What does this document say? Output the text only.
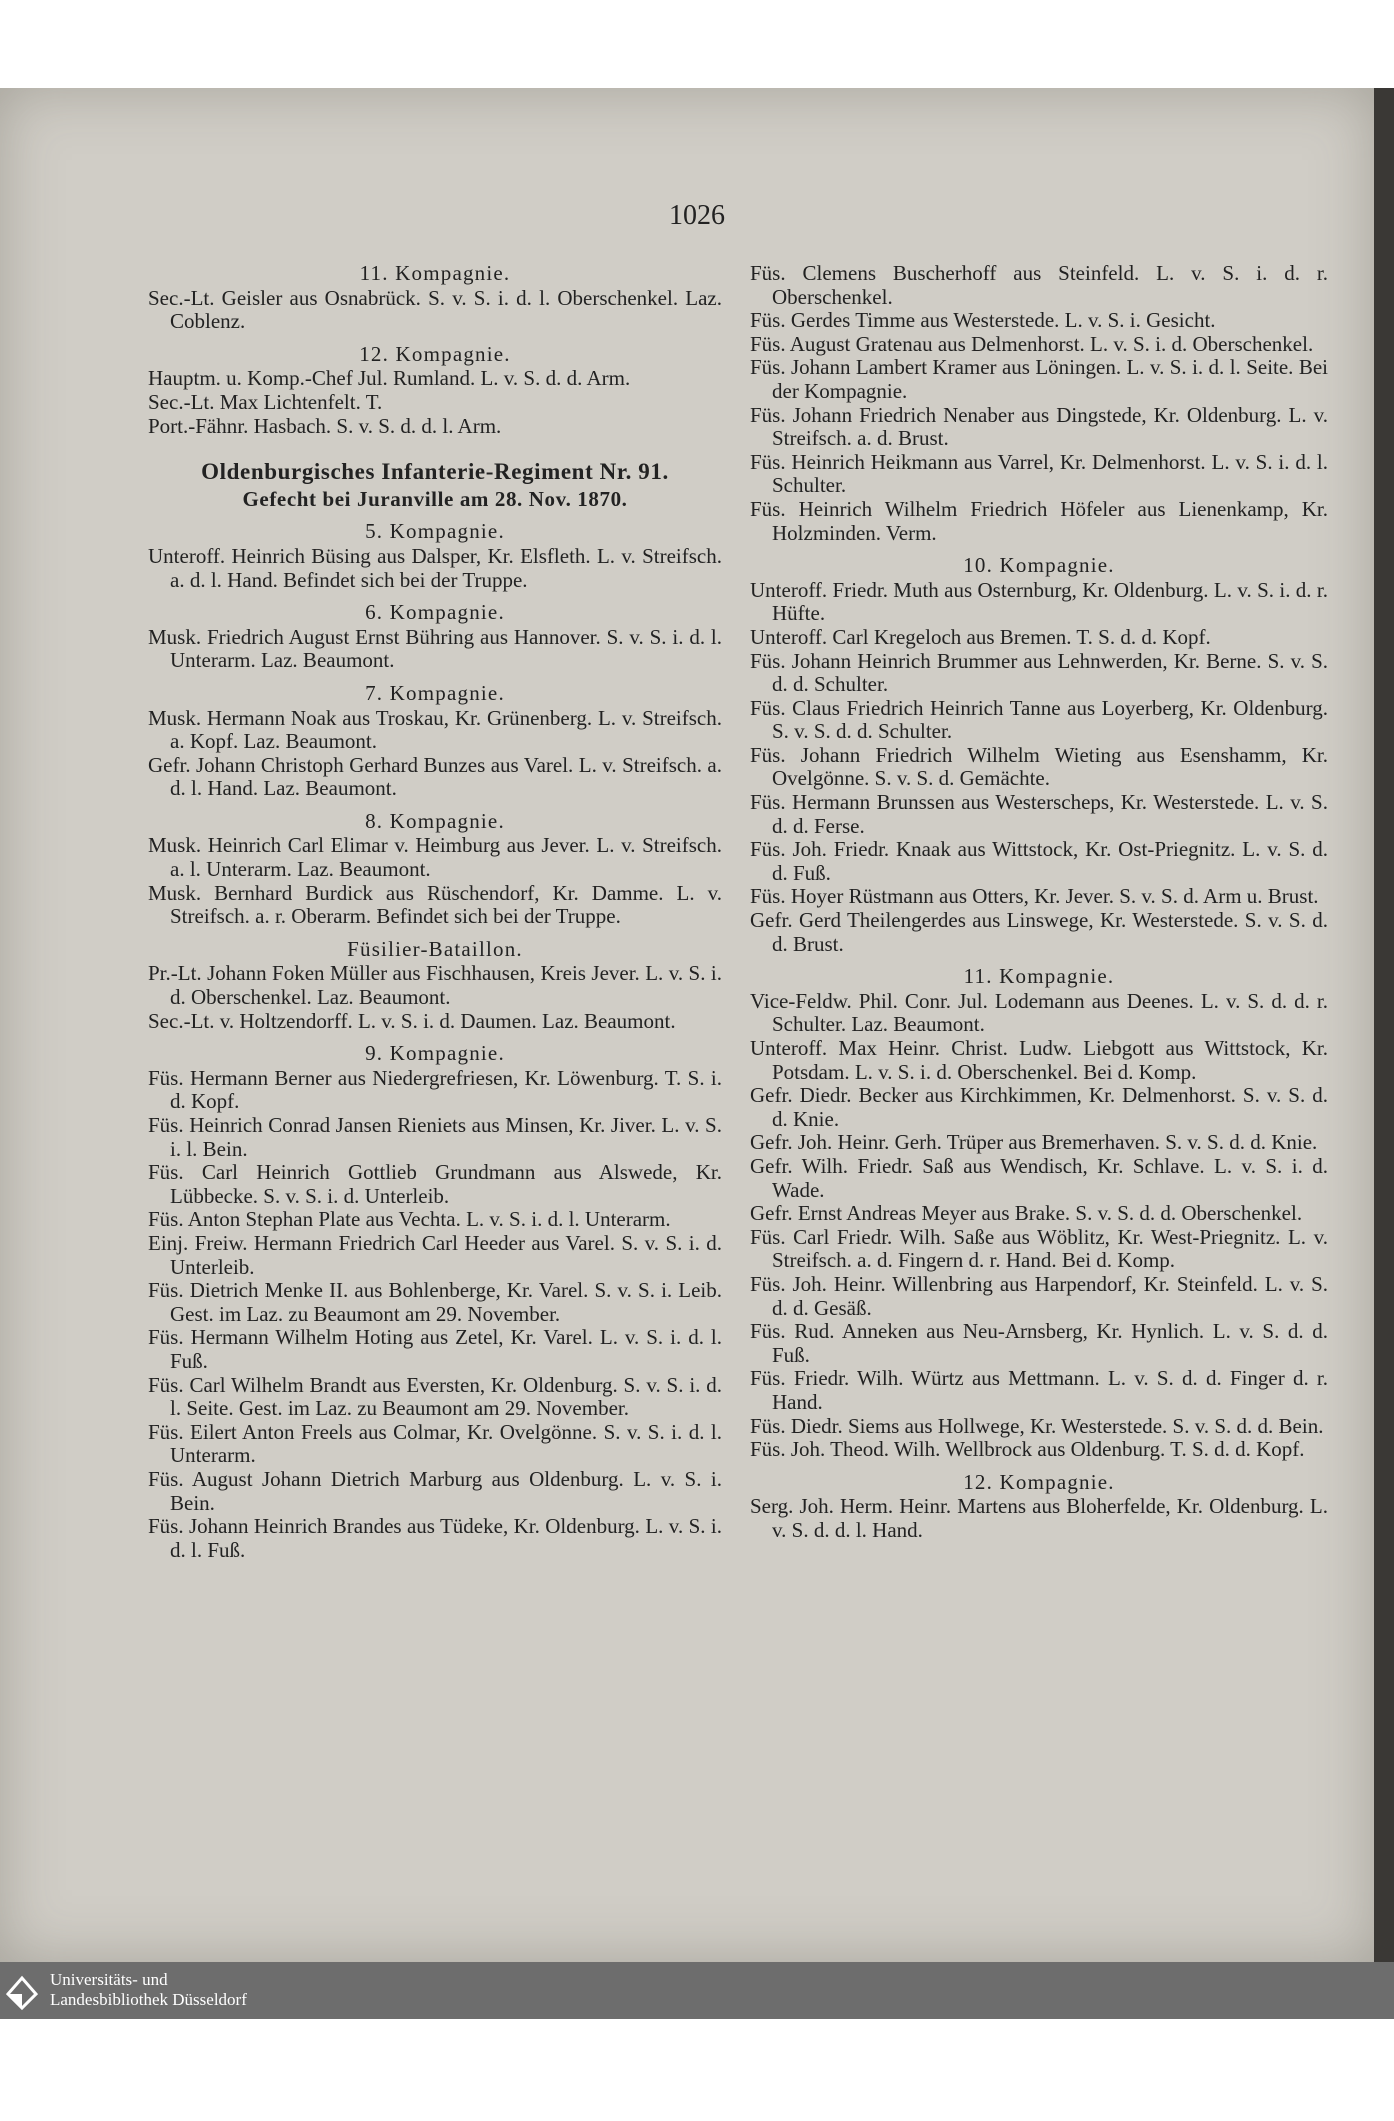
1026

11. Kompagnie.

Sec.-Lt. Geisler aus Osnabrück. S. v. S. i. d. l. Oberschenkel. Laz. Coblenz.

12. Kompagnie.

Hauptm. u. Komp.-Chef Jul. Rumland. L. v. S. d. d. Arm.

Sec.-Lt. Max Lichtenfelt. T.

Port.-Fähnr. Hasbach. S. v. S. d. d. l. Arm.

Oldenburgisches Infanterie-Regiment Nr. 91.

Gefecht bei Juranville am 28. Nov. 1870.

5. Kompagnie.

Unteroff. Heinrich Büsing aus Dalsper, Kr. Elsfleth. L. v. Streifsch. a. d. l. Hand. Befindet sich bei der Truppe.

6. Kompagnie.

Musk. Friedrich August Ernst Bühring aus Hannover. S. v. S. i. d. l. Unterarm. Laz. Beaumont.

7. Kompagnie.

Musk. Hermann Noak aus Troskau, Kr. Grünenberg. L. v. Streifsch. a. Kopf. Laz. Beaumont.

Gefr. Johann Christoph Gerhard Bunzes aus Varel. L. v. Streifsch. a. d. l. Hand. Laz. Beaumont.

8. Kompagnie.

Musk. Heinrich Carl Elimar v. Heimburg aus Jever. L. v. Streifsch. a. l. Unterarm. Laz. Beaumont.

Musk. Bernhard Burdick aus Rüschendorf, Kr. Damme. L. v. Streifsch. a. r. Oberarm. Befindet sich bei der Truppe.

Füsilier-Bataillon.

Pr.-Lt. Johann Foken Müller aus Fischhausen, Kreis Jever. L. v. S. i. d. Oberschenkel. Laz. Beaumont.

Sec.-Lt. v. Holtzendorff. L. v. S. i. d. Daumen. Laz. Beaumont.

9. Kompagnie.

Füs. Hermann Berner aus Niedergrefriesen, Kr. Löwenburg. T. S. i. d. Kopf.

Füs. Heinrich Conrad Jansen Rieniets aus Minsen, Kr. Jiver. L. v. S. i. l. Bein.

Füs. Carl Heinrich Gottlieb Grundmann aus Alswede, Kr. Lübbecke. S. v. S. i. d. Unterleib.

Füs. Anton Stephan Plate aus Vechta. L. v. S. i. d. l. Unterarm.

Einj. Freiw. Hermann Friedrich Carl Heeder aus Varel. S. v. S. i. d. Unterleib.

Füs. Dietrich Menke II. aus Bohlenberge, Kr. Varel. S. v. S. i. Leib. Gest. im Laz. zu Beaumont am 29. November.

Füs. Hermann Wilhelm Hoting aus Zetel, Kr. Varel. L. v. S. i. d. l. Fuß.

Füs. Carl Wilhelm Brandt aus Eversten, Kr. Oldenburg. S. v. S. i. d. l. Seite. Gest. im Laz. zu Beaumont am 29. November.

Füs. Eilert Anton Freels aus Colmar, Kr. Ovelgönne. S. v. S. i. d. l. Unterarm.

Füs. August Johann Dietrich Marburg aus Oldenburg. L. v. S. i. Bein.

Füs. Johann Heinrich Brandes aus Tüdeke, Kr. Oldenburg. L. v. S. i. d. l. Fuß.

Füs. Clemens Buscherhoff aus Steinfeld. L. v. S. i. d. r. Oberschenkel.

Füs. Gerdes Timme aus Westerstede. L. v. S. i. Gesicht.

Füs. August Gratenau aus Delmenhorst. L. v. S. i. d. Oberschenkel.

Füs. Johann Lambert Kramer aus Löningen. L. v. S. i. d. l. Seite. Bei der Kompagnie.

Füs. Johann Friedrich Nenaber aus Dingstede, Kr. Oldenburg. L. v. Streifsch. a. d. Brust.

Füs. Heinrich Heikmann aus Varrel, Kr. Delmenhorst. L. v. S. i. d. l. Schulter.

Füs. Heinrich Wilhelm Friedrich Höfeler aus Lienenkamp, Kr. Holzminden. Verm.

10. Kompagnie.

Unteroff. Friedr. Muth aus Osternburg, Kr. Oldenburg. L. v. S. i. d. r. Hüfte.

Unteroff. Carl Kregeloch aus Bremen. T. S. d. d. Kopf.

Füs. Johann Heinrich Brummer aus Lehnwerden, Kr. Berne. S. v. S. d. d. Schulter.

Füs. Claus Friedrich Heinrich Tanne aus Loyerberg, Kr. Oldenburg. S. v. S. d. d. Schulter.

Füs. Johann Friedrich Wilhelm Wieting aus Esenshamm, Kr. Ovelgönne. S. v. S. d. Gemächte.

Füs. Hermann Brunssen aus Westerscheps, Kr. Westerstede. L. v. S. d. d. Ferse.

Füs. Joh. Friedr. Knaak aus Wittstock, Kr. Ost-Priegnitz. L. v. S. d. d. Fuß.

Füs. Hoyer Rüstmann aus Otters, Kr. Jever. S. v. S. d. Arm u. Brust.

Gefr. Gerd Theilengerdes aus Linswege, Kr. Westerstede. S. v. S. d. d. Brust.

11. Kompagnie.

Vice-Feldw. Phil. Conr. Jul. Lodemann aus Deenes. L. v. S. d. d. r. Schulter. Laz. Beaumont.

Unteroff. Max Heinr. Christ. Ludw. Liebgott aus Wittstock, Kr. Potsdam. L. v. S. i. d. Oberschenkel. Bei d. Komp.

Gefr. Diedr. Becker aus Kirchkimmen, Kr. Delmenhorst. S. v. S. d. d. Knie.

Gefr. Joh. Heinr. Gerh. Trüper aus Bremerhaven. S. v. S. d. d. Knie.

Gefr. Wilh. Friedr. Saß aus Wendisch, Kr. Schlave. L. v. S. i. d. Wade.

Gefr. Ernst Andreas Meyer aus Brake. S. v. S. d. d. Oberschenkel.

Füs. Carl Friedr. Wilh. Saße aus Wöblitz, Kr. West-Priegnitz. L. v. Streifsch. a. d. Fingern d. r. Hand. Bei d. Komp.

Füs. Joh. Heinr. Willenbring aus Harpendorf, Kr. Steinfeld. L. v. S. d. d. Gesäß.

Füs. Rud. Anneken aus Neu-Arnsberg, Kr. Hynlich. L. v. S. d. d. Fuß.

Füs. Friedr. Wilh. Würtz aus Mettmann. L. v. S. d. d. Finger d. r. Hand.

Füs. Diedr. Siems aus Hollwege, Kr. Westerstede. S. v. S. d. d. Bein.

Füs. Joh. Theod. Wilh. Wellbrock aus Oldenburg. T. S. d. d. Kopf.

12. Kompagnie.

Serg. Joh. Herm. Heinr. Martens aus Bloherfelde, Kr. Oldenburg. L. v. S. d. d. l. Hand.

Universitäts- und
Landesbibliothek Düsseldorf
